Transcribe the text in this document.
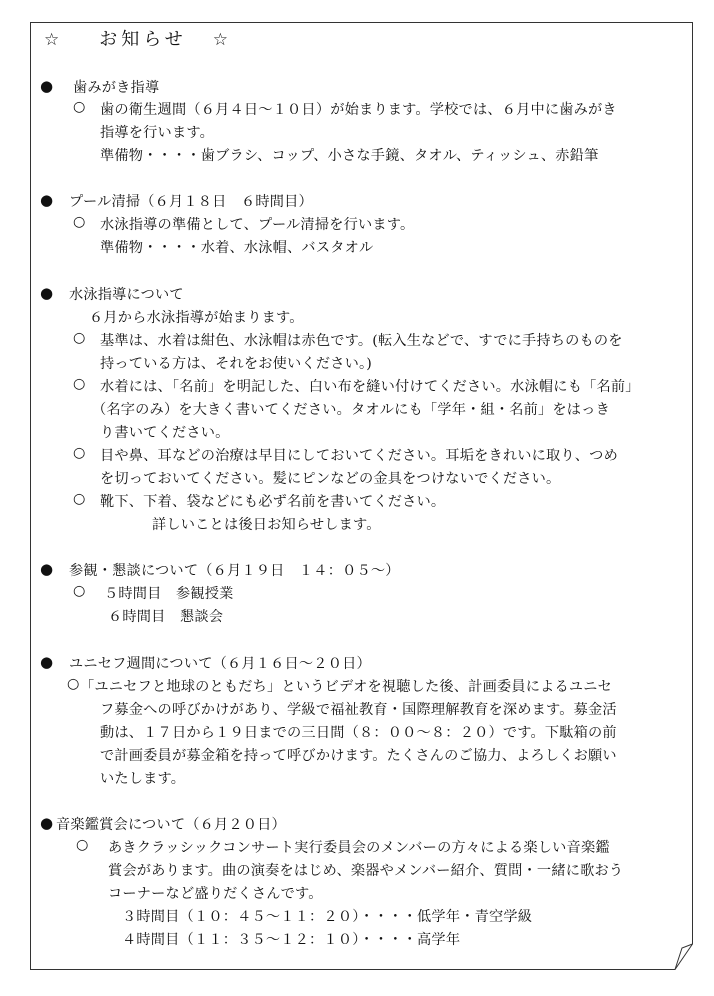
☆ お知らせ ☆
● 歯みがき指導
○ 歯の衛生週間（６月４日～１０日）が始まります。学校では、６月中に歯みがき
指導を行います。
準備物・・・・歯ブラシ、コップ、小さな手鏡、タオル、ティッシュ、赤鉛筆
● プール清掃（６月１８日　６時間目）
○ 水泳指導の準備として、プール清掃を行います。
準備物・・・・水着、水泳帽、バスタオル
● 水泳指導について
６月から水泳指導が始まります。
○ 基準は、水着は紺色、水泳帽は赤色です。(転入生などで、すでに手持ちのものを
持っている方は、それをお使いください。)
○ 水着には、「名前」を明記した、白い布を縫い付けてください。水泳帽にも「名前」
（名字のみ）を大きく書いてください。タオルにも「学年・組・名前」をはっき
り書いてください。
○ 目や鼻、耳などの治療は早目にしておいてください。耳垢をきれいに取り、つめ
を切っておいてください。髪にピンなどの金具をつけないでください。
○ 靴下、下着、袋などにも必ず名前を書いてください。
詳しいことは後日お知らせします。
● 参観・懇談について（６月１９日　１４：０５～）
○ ５時間目　参観授業
６時間目　懇談会
● ユニセフ週間について（６月１６日～２０日）
○ 「ユニセフと地球のともだち」というビデオを視聴した後、計画委員によるユニセ
フ募金への呼びかけがあり、学級で福祉教育・国際理解教育を深めます。募金活
動は、１７日から１９日までの三日間（８：００～８：２０）です。下駄箱の前
で計画委員が募金箱を持って呼びかけます。たくさんのご協力、よろしくお願い
いたします。
● 音楽鑑賞会について（６月２０日）
○ あきクラッシックコンサート実行委員会のメンバーの方々による楽しい音楽鑑
賞会があります。曲の演奏をはじめ、楽器やメンバー紹介、質問・一緒に歌おう
コーナーなど盛りだくさんです。
３時間目（１０：４５～１１：２０）・・・・低学年・青空学級
４時間目（１１：３５～１２：１０）・・・・高学年
